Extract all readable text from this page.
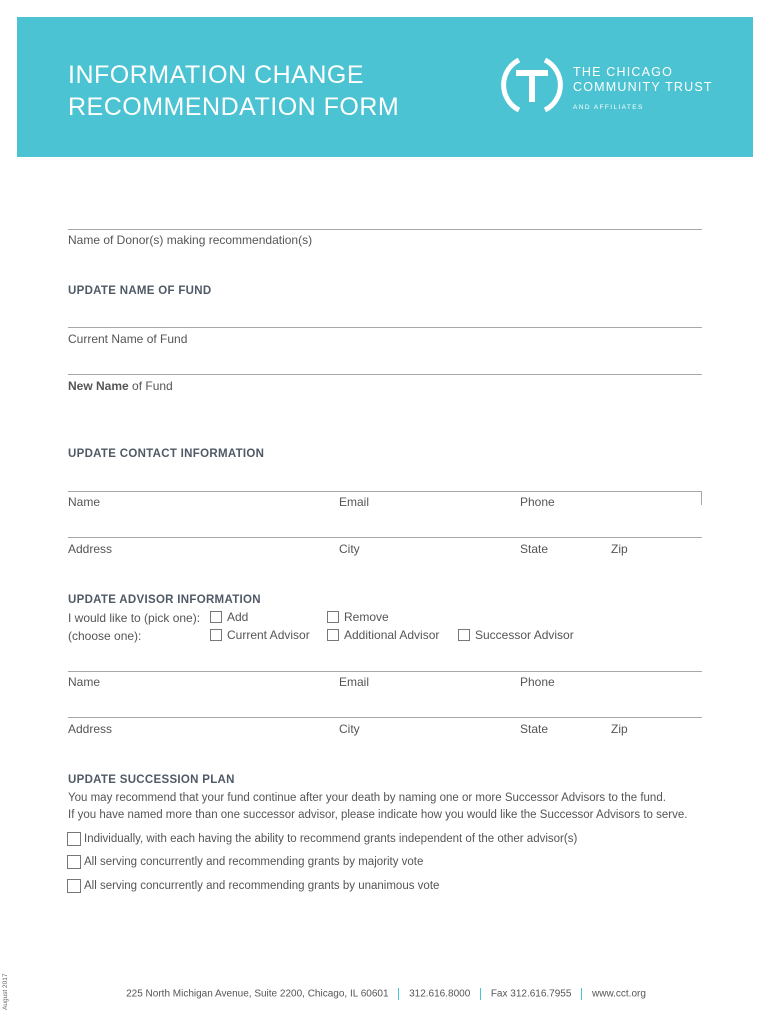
INFORMATION CHANGE
RECOMMENDATION FORM
THE CHICAGO
COMMUNITY TRUST
AND AFFILIATES
Name of Donor(s) making recommendation(s)
UPDATE NAME OF FUND
Current Name of Fund
New Name of Fund
UPDATE CONTACT INFORMATION
Name	Email	Phone
Address	City	State	Zip
UPDATE ADVISOR INFORMATION
I would like to (pick one):
(choose one):
Add	Remove
Current Advisor	Additional Advisor	Successor Advisor
Name	Email	Phone
Address	City	State	Zip
UPDATE SUCCESSION PLAN
You may recommend that your fund continue after your death by naming one or more Successor Advisors to the fund.
If you have named more than one successor advisor, please indicate how you would like the Successor Advisors to serve.
Individually, with each having the ability to recommend grants independent of the other advisor(s)
All serving concurrently and recommending grants by majority vote
All serving concurrently and recommending grants by unanimous vote
August 2017	225 North Michigan Avenue, Suite 2200, Chicago, IL 60601 312.616.8000 Fax 312.616.7955 www.cct.org
